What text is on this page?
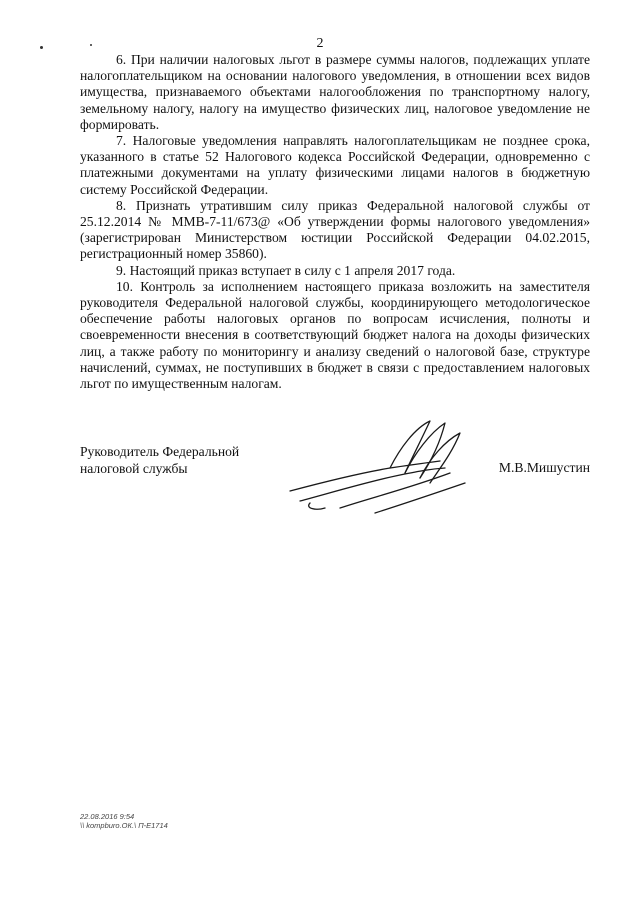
2

6. При наличии налоговых льгот в размере суммы налогов, подлежащих уплате налогоплательщиком на основании налогового уведомления, в отношении всех видов имущества, признаваемого объектами налогообложения по транспортному налогу, земельному налогу, налогу на имущество физических лиц, налоговое уведомление не формировать.

7. Налоговые уведомления направлять налогоплательщикам не позднее срока, указанного в статье 52 Налогового кодекса Российской Федерации, одновременно с платежными документами на уплату физическими лицами налогов в бюджетную систему Российской Федерации.

8. Признать утратившим силу приказ Федеральной налоговой службы от 25.12.2014 № ММВ-7-11/673@ «Об утверждении формы налогового уведомления» (зарегистрирован Министерством юстиции Российской Федерации 04.02.2015, регистрационный номер 35860).

9. Настоящий приказ вступает в силу с 1 апреля 2017 года.

10. Контроль за исполнением настоящего приказа возложить на заместителя руководителя Федеральной налоговой службы, координирующего методологическое обеспечение работы налоговых органов по вопросам исчисления, полноты и своевременности внесения в соответствующий бюджет налога на доходы физических лиц, а также работу по мониторингу и анализу сведений о налоговой базе, структуре начислений, суммах, не поступивших в бюджет в связи с предоставлением налоговых льгот по имущественным налогам.

Руководитель Федеральной
налоговой службы	М.В.Мишустин
22.08.2016 9:54
\\ kompburo.ОК.\ П-Е1714
